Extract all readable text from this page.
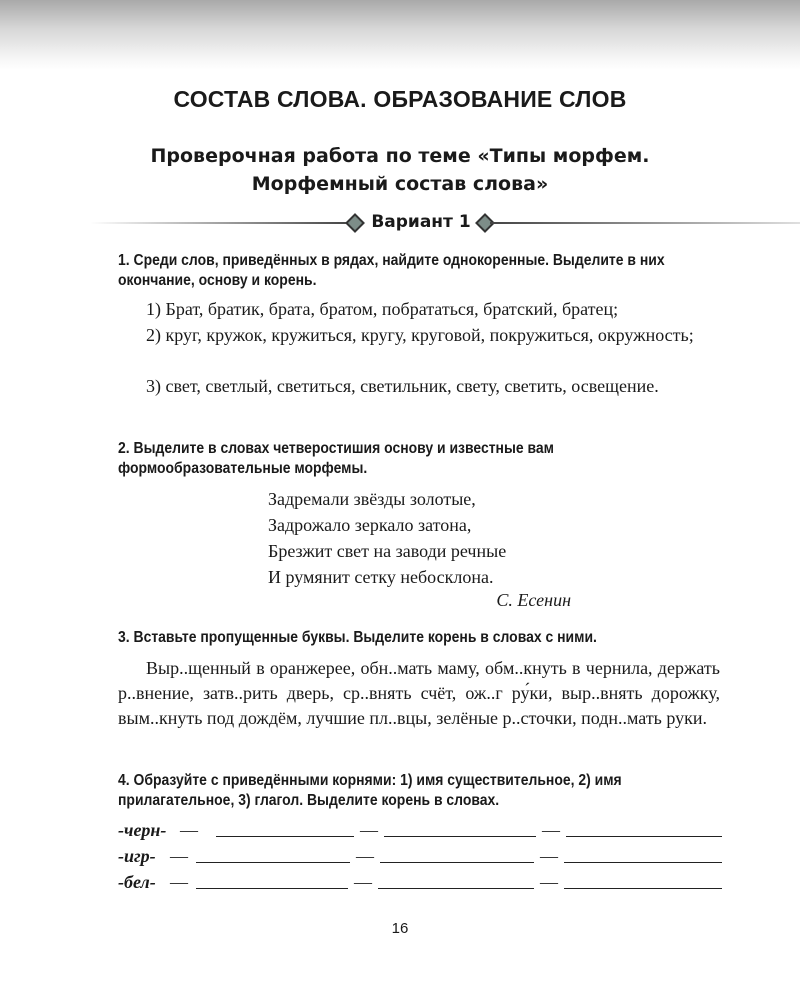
СОСТАВ СЛОВА. ОБРАЗОВАНИЕ СЛОВ
Проверочная работа по теме «Типы морфем.
Морфемный состав слова»
Вариант 1

1. Среди слов, приведённых в рядах, найдите однокоренные. Выделите в них окончание, основу и корень.

1) Брат, братик, брата, братом, побрататься, братский, братец;

2) круг, кружок, кружиться, кругу, круговой, покружиться, окружность;

3) свет, светлый, светиться, светильник, свету, светить, освещение.

2. Выделите в словах четверостишия основу и известные вам формообразовательные морфемы.

Задремали звёзды золотые,
Задрожало зеркало затона,
Брезжит свет на заводи речные
И румянит сетку небосклона.
С. Есенин

3. Вставьте пропущенные буквы. Выделите корень в словах с ними.

Выр..щенный в оранжерее, обн..мать маму, обм..кнуть в чернила, держать р..внение, затв..рить дверь, ср..внять счёт, ож..г ру́ки, выр..внять дорожку, вым..кнуть под дождём, лучшие пл..вцы, зелёные р..сточки, подн..мать руки.

4. Образуйте с приведёнными корнями: 1) имя существительное, 2) имя прилагательное, 3) глагол. Выделите корень в словах.

-черн- —	—	—
-игр- —	—	—
-бел- —	—	—
16
